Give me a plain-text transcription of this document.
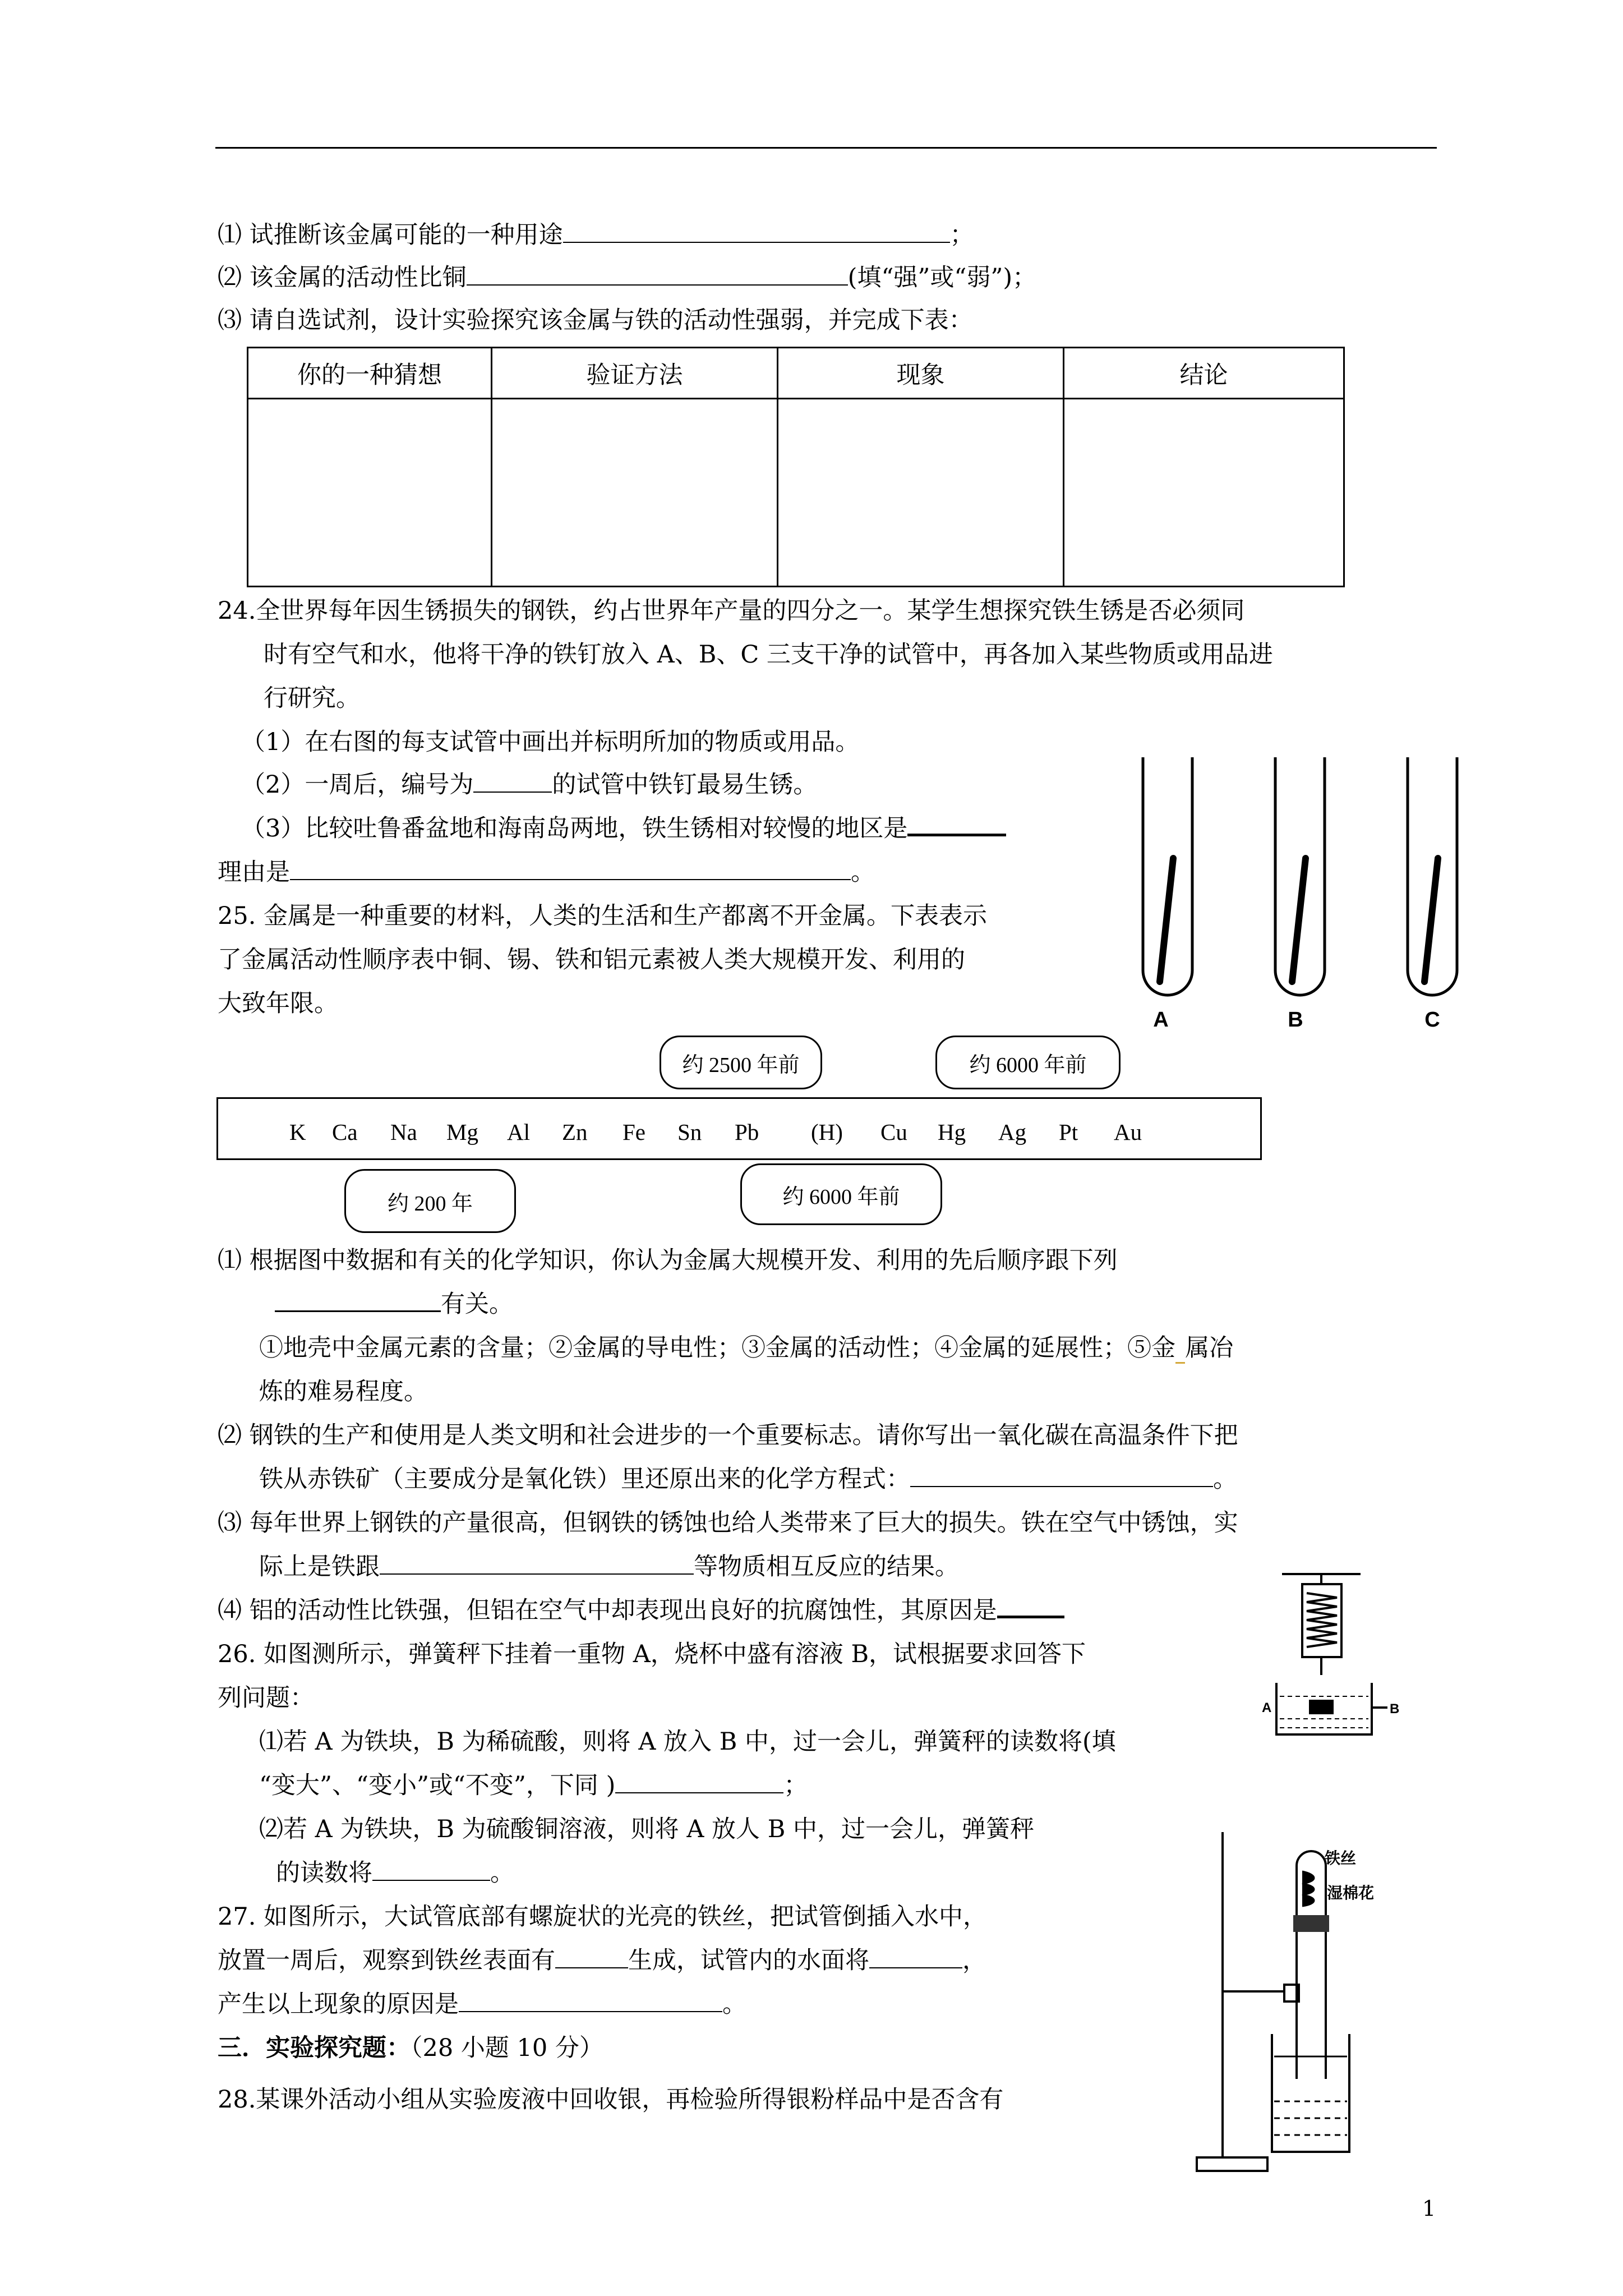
⑴ 试推断该金属可能的一种用途	；
⑵ 该金属的活动性比铜	(填“强”或“弱”)；
⑶ 请自选试剂，设计实验探究该金属与铁的活动性强弱，并完成下表：
你的一种猜想	验证方法	现象	结论

24.全世界每年因生锈损失的钢铁，约占世界年产量的四分之一。某学生想探究铁生锈是否必须同
时有空气和水，他将干净的铁钉放入 A、B、C 三支干净的试管中，再各加入某些物质或用品进
行研究。
（1）在右图的每支试管中画出并标明所加的物质或用品。
（2）一周后，编号为	的试管中铁钉最易生锈。
（3）比较吐鲁番盆地和海南岛两地，铁生锈相对较慢的地区是
理由是	。
A	B	C
25. 金属是一种重要的材料，人类的生活和生产都离不开金属。下表表示
了金属活动性顺序表中铜、锡、铁和铝元素被人类大规模开发、利用的
大致年限。
约 2500 年前	约 6000 年前
约 200 年	约 6000 年前
K Ca Na Mg Al Zn Fe Sn Pb (H) Cu Hg Ag Pt Au
⑴ 根据图中数据和有关的化学知识，你认为金属大规模开发、利用的先后顺序跟下列
有关。
①地壳中金属元素的含量；②金属的导电性；③金属的活动性；④金属的延展性；⑤金   属冶
炼的难易程度。
⑵ 钢铁的生产和使用是人类文明和社会进步的一个重要标志。请你写出一氧化碳在高温条件下把
铁从赤铁矿（主要成分是氧化铁）里还原出来的化学方程式：	。
⑶ 每年世界上钢铁的产量很高，但钢铁的锈蚀也给人类带来了巨大的损失。铁在空气中锈蚀，实
际上是铁跟	等物质相互反应的结果。
⑷ 铝的活动性比铁强，但铝在空气中却表现出良好的抗腐蚀性，其原因是
26. 如图测所示，弹簧秤下挂着一重物 A，烧杯中盛有溶液 B，试根据要求回答下
列问题：
⑴若 A 为铁块，B 为稀硫酸，则将 A 放入 B 中，过一会儿，弹簧秤的读数将(填
“变大”、“变小”或“不变”，下同 )	；
⑵若 A 为铁块，B 为硫酸铜溶液，则将 A 放人 B 中，过一会儿，弹簧秤
的读数将	。
A	B
27. 如图所示，大试管底部有螺旋状的光亮的铁丝，把试管倒插入水中，
放置一周后，观察到铁丝表面有	生成，试管内的水面将	，
产生以上现象的原因是	。
铁丝
湿棉花
三．实验探究题：（28 小题 10 分）
28.某课外活动小组从实验废液中回收银，再检验所得银粉样品中是否含有
1
